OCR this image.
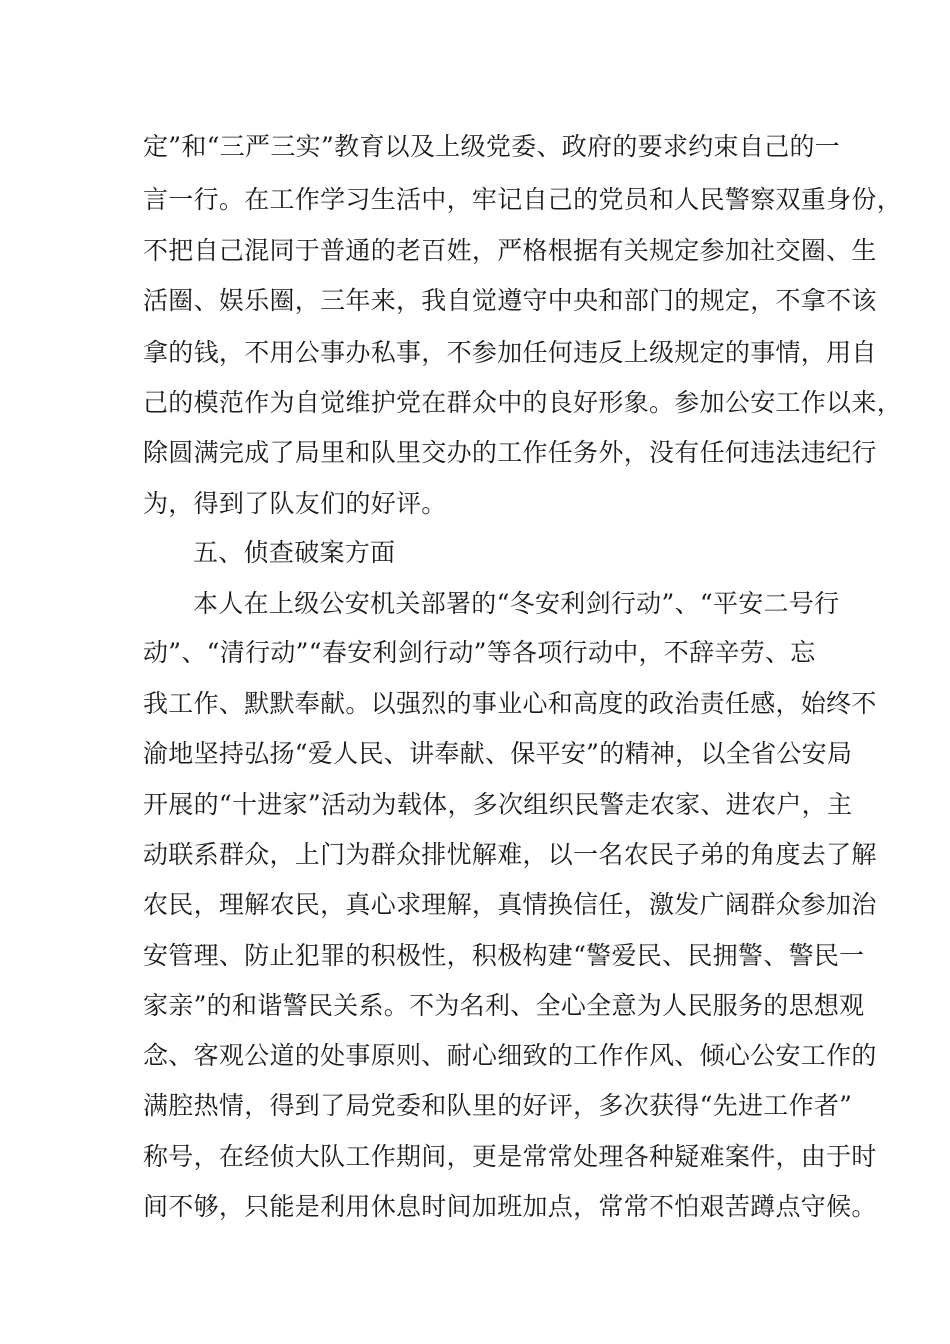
定”和“三严三实”教育以及上级党委、政府的要求约束自己的一
言一行。在工作学习生活中，牢记自己的党员和人民警察双重身份，
不把自己混同于普通的老百姓，严格根据有关规定参加社交圈、生
活圈、娱乐圈，三年来，我自觉遵守中央和部门的规定，不拿不该
拿的钱，不用公事办私事，不参加任何违反上级规定的事情，用自
己的模范作为自觉维护党在群众中的良好形象。参加公安工作以来，
除圆满完成了局里和队里交办的工作任务外，没有任何违法违纪行
为，得到了队友们的好评。
五、侦查破案方面
本人在上级公安机关部署的“冬安利剑行动”、“平安二号行
动”、“清行动”“春安利剑行动”等各项行动中，不辞辛劳、忘
我工作、默默奉献。以强烈的事业心和高度的政治责任感，始终不
渝地坚持弘扬“爱人民、讲奉献、保平安”的精神，以全省公安局
开展的“十进家”活动为载体，多次组织民警走农家、进农户，主
动联系群众，上门为群众排忧解难，以一名农民子弟的角度去了解
农民，理解农民，真心求理解，真情换信任，激发广阔群众参加治
安管理、防止犯罪的积极性，积极构建“警爱民、民拥警、警民一
家亲”的和谐警民关系。不为名利、全心全意为人民服务的思想观
念、客观公道的处事原则、耐心细致的工作作风、倾心公安工作的
满腔热情，得到了局党委和队里的好评，多次获得“先进工作者”
称号，在经侦大队工作期间，更是常常处理各种疑难案件，由于时
间不够，只能是利用休息时间加班加点，常常不怕艰苦蹲点守候。
